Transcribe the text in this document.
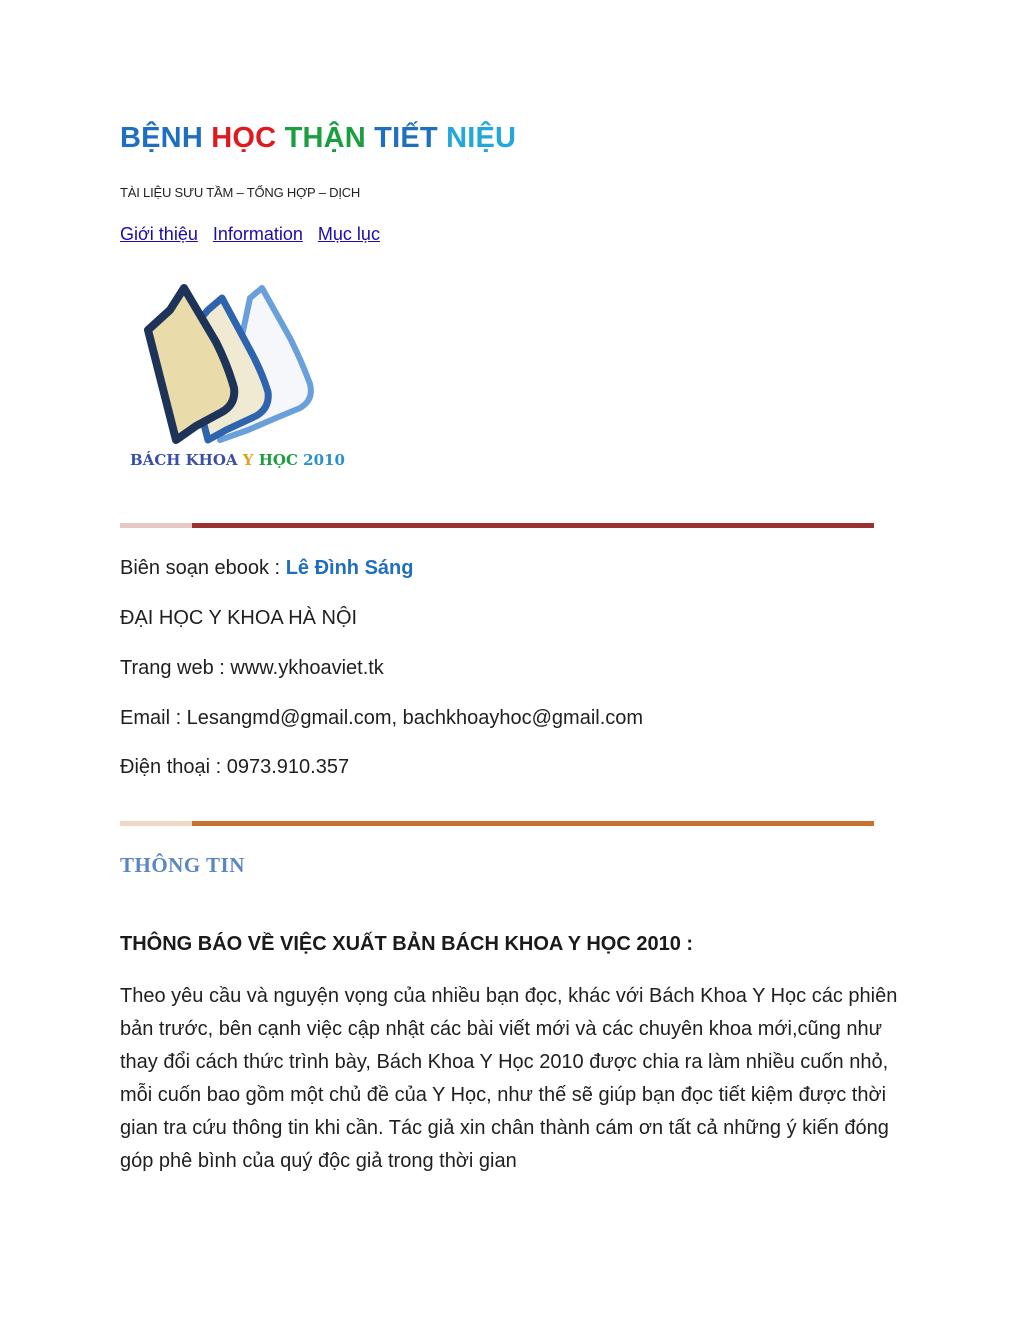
BỆNH HỌC THẬN TIẾT NIỆU
TÀI LIỆU SƯU TẦM – TỔNG HỢP – DỊCH
Giới thiệu Information Mục lục
BÁCH KHOA Y HỌC 2010
Biên soạn ebook : Lê Đình Sáng
ĐẠI HỌC Y KHOA HÀ NỘI
Trang web : www.ykhoaviet.tk
Email : Lesangmd@gmail.com, bachkhoayhoc@gmail.com
Điện thoại : 0973.910.357
THÔNG TIN
THÔNG BÁO VỀ VIỆC XUẤT BẢN BÁCH KHOA Y HỌC 2010 :
Theo yêu cầu và nguyện vọng của nhiều bạn đọc, khác với Bách Khoa Y Học các phiên bản trước, bên cạnh việc cập nhật các bài viết mới và các chuyên khoa mới,cũng như thay đổi cách thức trình bày, Bách Khoa Y Học 2010 được chia ra làm nhiều cuốn nhỏ, mỗi cuốn bao gồm một chủ đề của Y Học, như thế sẽ giúp bạn đọc tiết kiệm được thời gian tra cứu thông tin khi cần. Tác giả xin chân thành cám ơn tất cả những ý kiến đóng góp phê bình của quý độc giả trong thời gian
